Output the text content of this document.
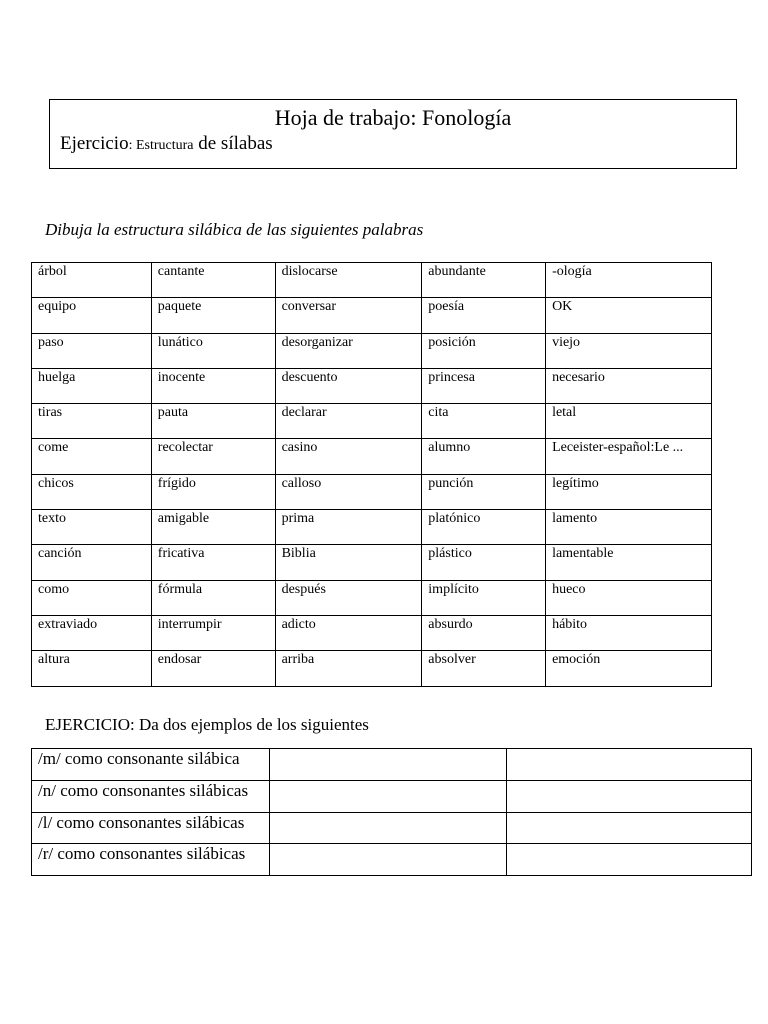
Hoja de trabajo: Fonología
Ejercicio: Estructura de sílabas
Dibuja la estructura silábica de las siguientes palabras
árbol	cantante	dislocarse	abundante	-ología
equipo	paquete	conversar	poesía	OK
paso	lunático	desorganizar	posición	viejo
huelga	inocente	descuento	princesa	necesario
tiras	pauta	declarar	cita	letal
come	recolectar	casino	alumno	Leceister-español:Le ...
chicos	frígido	calloso	punción	legítimo
texto	amigable	prima	platónico	lamento
canción	fricativa	Biblia	plástico	lamentable
como	fórmula	después	implícito	hueco
extraviado	interrumpir	adicto	absurdo	hábito
altura	endosar	arriba	absolver	emoción
EJERCICIO: Da dos ejemplos de los siguientes
/m/ como consonante silábica		
/n/ como consonantes silábicas		
/l/ como consonantes silábicas		
/r/ como consonantes silábicas		
